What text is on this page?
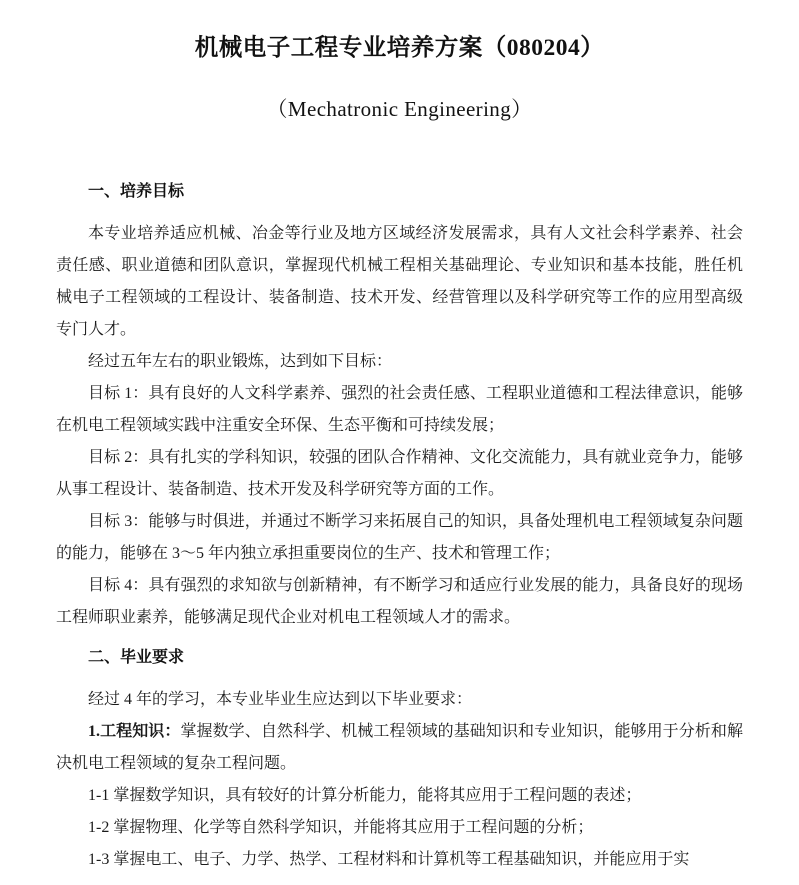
机械电子工程专业培养方案（080204）
（Mechatronic Engineering）

一、培养目标

本专业培养适应机械、冶金等行业及地方区域经济发展需求，具有人文社会科学素养、社会责任感、职业道德和团队意识，掌握现代机械工程相关基础理论、专业知识和基本技能，胜任机械电子工程领域的工程设计、装备制造、技术开发、经营管理以及科学研究等工作的应用型高级专门人才。

经过五年左右的职业锻炼，达到如下目标：

目标 1：具有良好的人文科学素养、强烈的社会责任感、工程职业道德和工程法律意识，能够在机电工程领域实践中注重安全环保、生态平衡和可持续发展；

目标 2：具有扎实的学科知识，较强的团队合作精神、文化交流能力，具有就业竞争力，能够从事工程设计、装备制造、技术开发及科学研究等方面的工作。

目标 3：能够与时俱进，并通过不断学习来拓展自己的知识，具备处理机电工程领域复杂问题的能力，能够在 3～5 年内独立承担重要岗位的生产、技术和管理工作；

目标 4：具有强烈的求知欲与创新精神，有不断学习和适应行业发展的能力，具备良好的现场工程师职业素养，能够满足现代企业对机电工程领域人才的需求。

二、毕业要求

经过 4 年的学习，本专业毕业生应达到以下毕业要求：

1.工程知识：掌握数学、自然科学、机械工程领域的基础知识和专业知识，能够用于分析和解决机电工程领域的复杂工程问题。

1-1 掌握数学知识，具有较好的计算分析能力，能将其应用于工程问题的表述；

1-2 掌握物理、化学等自然科学知识，并能将其应用于工程问题的分析；

1-3 掌握电工、电子、力学、热学、工程材料和计算机等工程基础知识，并能应用于实
